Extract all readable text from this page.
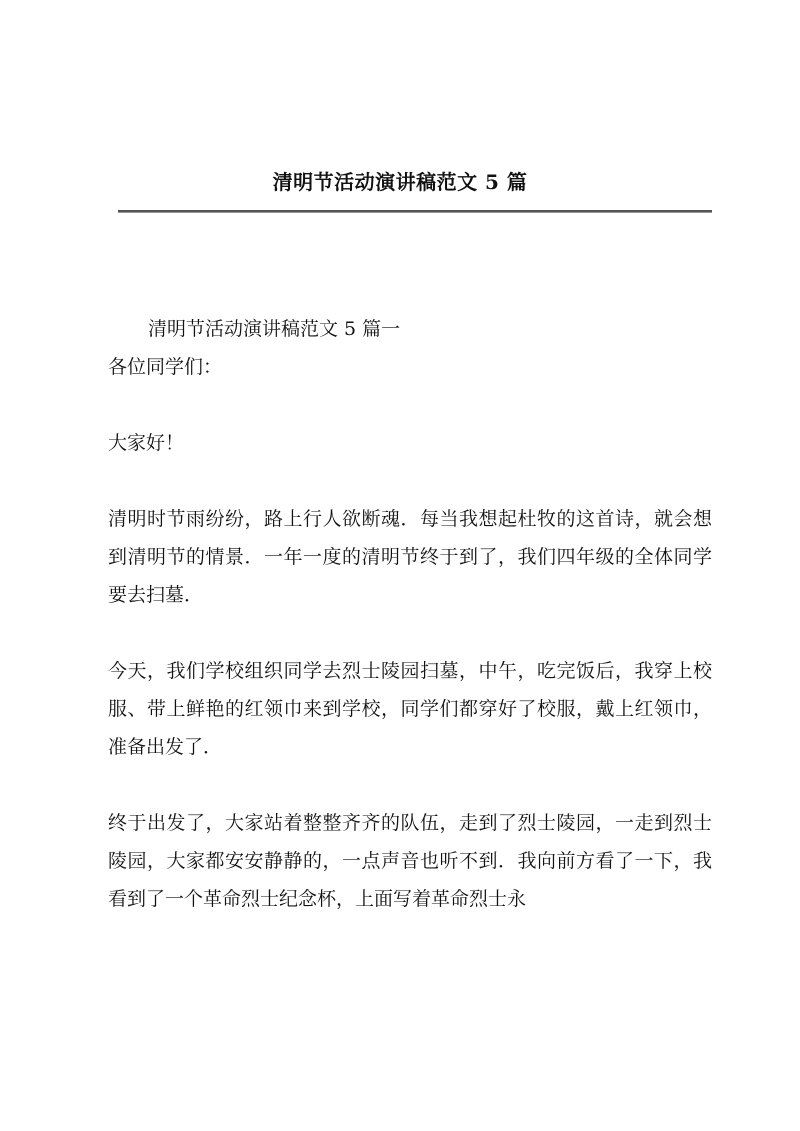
清明节活动演讲稿范文 5 篇

清明节活动演讲稿范文 5 篇一

各位同学们：

大家好！

清明时节雨纷纷，路上行人欲断魂．每当我想起杜牧的这首诗，就会想到清明节的情景．一年一度的清明节终于到了，我们四年级的全体同学要去扫墓．

今天，我们学校组织同学去烈士陵园扫墓，中午，吃完饭后，我穿上校服、带上鲜艳的红领巾来到学校，同学们都穿好了校服，戴上红领巾，准备出发了．

终于出发了，大家站着整整齐齐的队伍，走到了烈士陵园，一走到烈士陵园，大家都安安静静的，一点声音也听不到．我向前方看了一下，我看到了一个革命烈士纪念杯，上面写着革命烈士永
